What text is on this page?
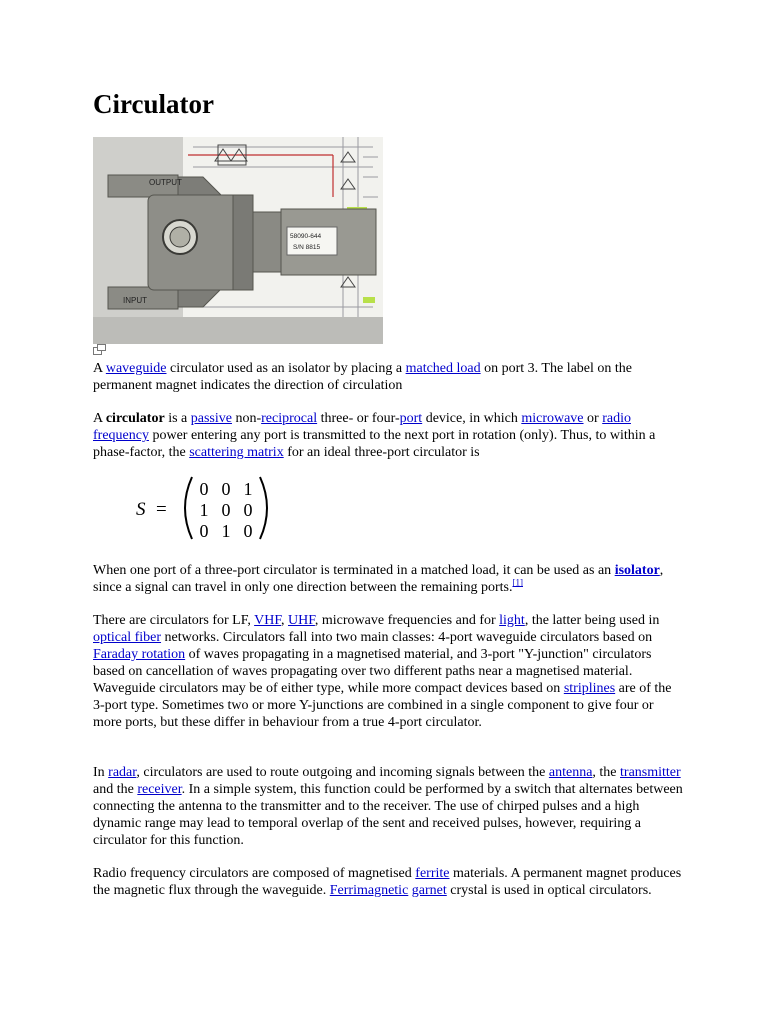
Circulator
OUTPUT
INPUT
58090-644
S/N 8815

A waveguide circulator used as an isolator by placing a matched load on port 3. The label on the permanent magnet indicates the direction of circulation

A circulator is a passive non-reciprocal three- or four-port device, in which microwave or radio frequency power entering any port is transmitted to the next port in rotation (only). Thus, to within a phase-factor, the scattering matrix for an ideal three-port circulator is

S =
0 0 1
1 0 0
0 1 0

When one port of a three-port circulator is terminated in a matched load, it can be used as an isolator, since a signal can travel in only one direction between the remaining ports.[1]

There are circulators for LF, VHF, UHF, microwave frequencies and for light, the latter being used in optical fiber networks. Circulators fall into two main classes: 4-port waveguide circulators based on Faraday rotation of waves propagating in a magnetised material, and 3-port "Y-junction" circulators based on cancellation of waves propagating over two different paths near a magnetised material. Waveguide circulators may be of either type, while more compact devices based on striplines are of the 3-port type. Sometimes two or more Y-junctions are combined in a single component to give four or more ports, but these differ in behaviour from a true 4-port circulator.

In radar, circulators are used to route outgoing and incoming signals between the antenna, the transmitter and the receiver. In a simple system, this function could be performed by a switch that alternates between connecting the antenna to the transmitter and to the receiver. The use of chirped pulses and a high dynamic range may lead to temporal overlap of the sent and received pulses, however, requiring a circulator for this function.

Radio frequency circulators are composed of magnetised ferrite materials. A permanent magnet produces the magnetic flux through the waveguide. Ferrimagnetic garnet crystal is used in optical circulators.
